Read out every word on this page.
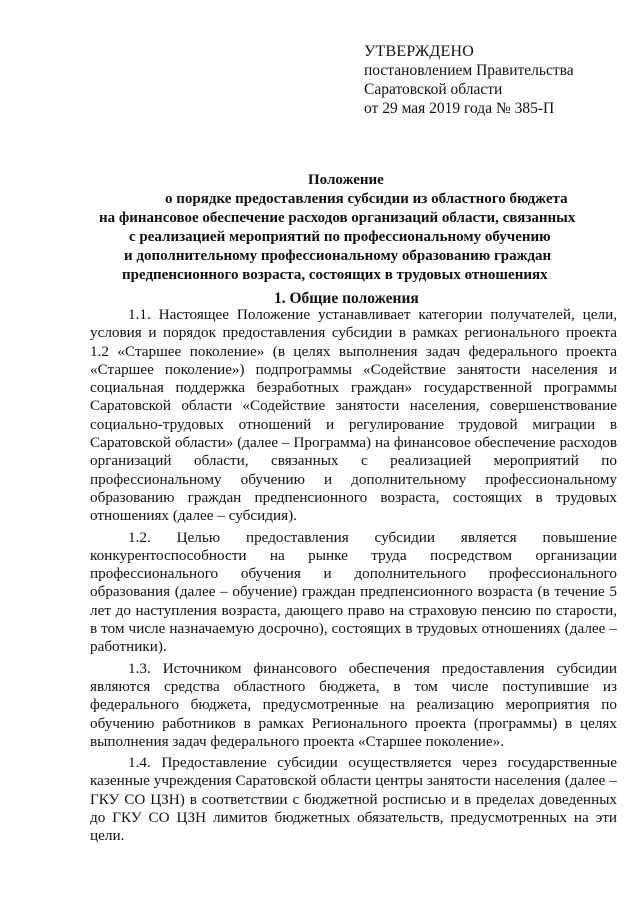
УТВЕРЖДЕНО
постановлением Правительства
Саратовской области
от 29 мая 2019 года № 385-П
Положение
о порядке предоставления субсидии из областного бюджета
на финансовое обеспечение расходов организаций области, связанных
с реализацией мероприятий по профессиональному обучению
и дополнительному профессиональному образованию граждан
предпенсионного возраста, состоящих в трудовых отношениях
1. Общие положения

1.1. Настоящее Положение устанавливает категории получателей, цели, условия и порядок предоставления субсидии в рамках регионального проекта 1.2 «Старшее поколение» (в целях выполнения задач федерального проекта «Старшее поколение») подпрограммы «Содействие занятости населения и социальная поддержка безработных граждан» государственной программы Саратовской области «Содействие занятости населения, совершенствование социально-трудовых отношений и регулирование трудовой миграции в Саратовской области» (далее – Программа) на финансовое обеспечение расходов организаций области, связанных с реализацией мероприятий по профессиональному обучению и дополнительному профессиональному образованию граждан предпенсионного возраста, состоящих в трудовых отношениях (далее – субсидия).

1.2. Целью предоставления субсидии является повышение конкурентоспособности на рынке труда посредством организации профессионального обучения и дополнительного профессионального образования (далее – обучение) граждан предпенсионного возраста (в течение 5 лет до наступления возраста, дающего право на страховую пенсию по старости, в том числе назначаемую досрочно), состоящих в трудовых отношениях (далее – работники).

1.3. Источником финансового обеспечения предоставления субсидии являются средства областного бюджета, в том числе поступившие из федерального бюджета, предусмотренные на реализацию мероприятия по обучению работников в рамках Регионального проекта (программы) в целях выполнения задач федерального проекта «Старшее поколение».

1.4. Предоставление субсидии осуществляется через государственные казенные учреждения Саратовской области центры занятости населения (далее – ГКУ СО ЦЗН) в соответствии с бюджетной росписью и в пределах доведенных до ГКУ СО ЦЗН лимитов бюджетных обязательств, предусмотренных на эти цели.
